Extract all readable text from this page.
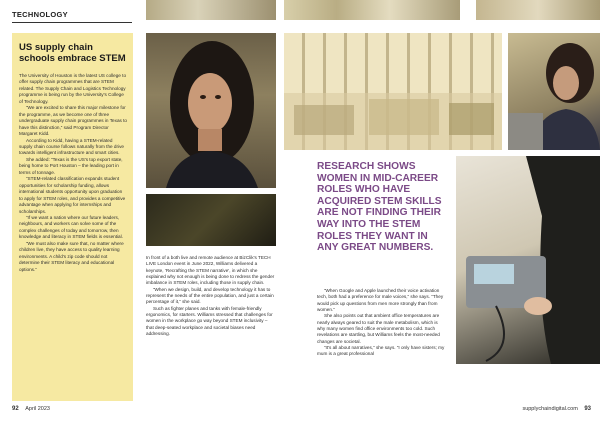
TECHNOLOGY
US supply chain schools embrace STEM

The University of Houston is the latest US college to offer supply chain programmes that are STEM related. The Supply Chain and Logistics Technology programme is being run by the University's College of Technology.

“We are excited to share this major milestone for the programme, as we become one of three undergraduate supply chain programmes in Texas to have this distinction,” said Program Director Margaret Kidd.

According to Kidd, having a STEM-related supply chain course follows naturally from the drive towards intelligent infrastructure and smart cities.

She added: “Texas is the US's top export state, being home to Port Houston – the leading port in terms of tonnage.

“STEM-related classification expands student opportunities for scholarship funding, allows international students opportunity upon graduation to apply for STEM roles, and provides a competitive advantage when applying for internships and scholarships.

“If we want a nation where our future leaders, neighbours, and workers can solve some of the complex challenges of today and tomorrow, then knowledge and literacy in STEM fields is essential.

“We must also make sure that, no matter where children live, they have access to quality learning environments. A child's zip code should not determine their STEM literacy and educational options.”

RESEARCH SHOWS WOMEN IN MID-CAREER ROLES WHO HAVE ACQUIRED STEM SKILLS ARE NOT FINDING THEIR WAY INTO THE STEM ROLES THEY WANT IN ANY GREAT NUMBERS.

In front of a both live and remote audience at BizClik's TECH LIVE London event in June 2022, Williams delivered a keynote, ‘Recrafting the STEM narrative’, in which she explained why not enough is being done to redress the gender imbalance in STEM roles, including those in supply chain.

“When we design, build, and develop technology it has to represent the needs of the entire population, and just a certain percentage of it,” she said.

Such as fighter planes and tanks with female-friendly ergonomics, for starters. Williams stressed that challenges for women in the workplace go way beyond STEM inclusivity – that deep-seated workplace and societal biases need addressing.

“When Google and Apple launched their voice activation tech, both had a preference for male voices,” she says. “They would pick up questions from men more strongly than from women.”

She also points out that ambient office temperatures are nearly always geared to suit the male metabolism, which is why many women find office environments too cold. Such revelations are startling, but Williams feels the most-needed changes are societal.

“It's all about narratives,” she says. “I only have sisters; my mum is a great professional

92 April 2023	supplychaindigital.com 93
